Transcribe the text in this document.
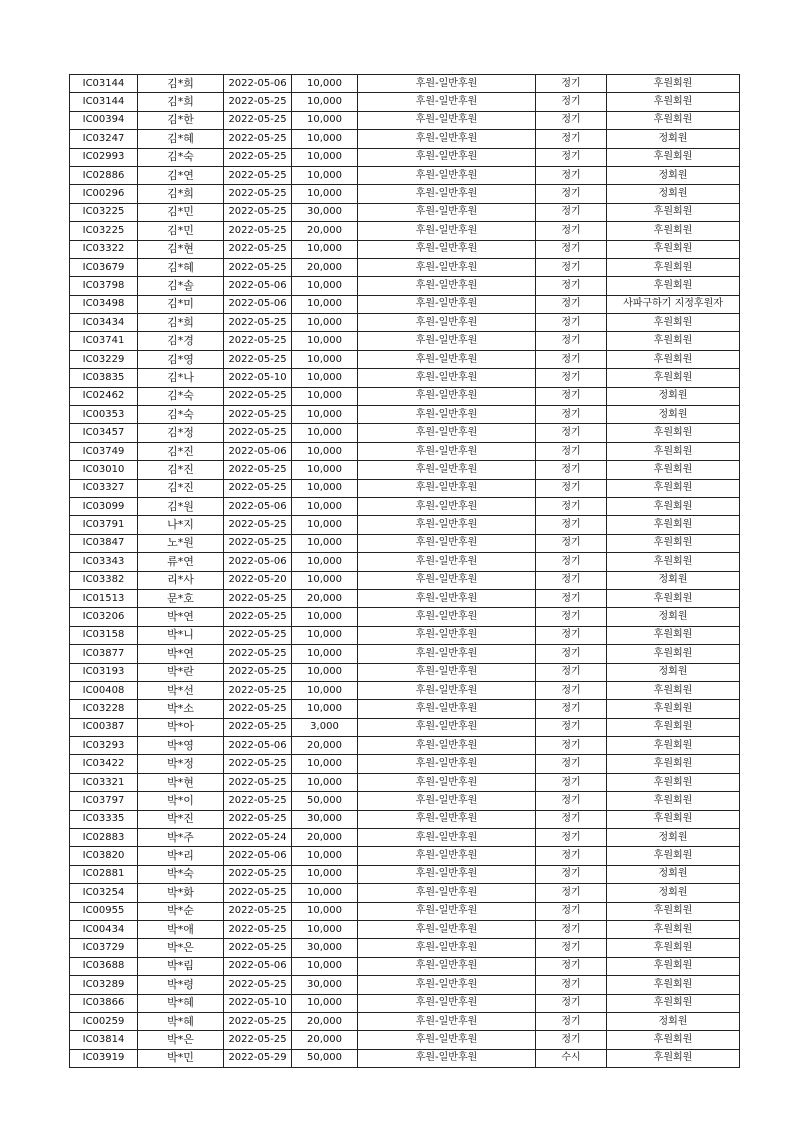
IC03144	김*희	2022-05-06	10,000	후원-일반후원	정기	후원회원
IC03144	김*희	2022-05-25	10,000	후원-일반후원	정기	후원회원
IC00394	김*한	2022-05-25	10,000	후원-일반후원	정기	후원회원
IC03247	김*혜	2022-05-25	10,000	후원-일반후원	정기	정회원
IC02993	김*숙	2022-05-25	10,000	후원-일반후원	정기	후원회원
IC02886	김*연	2022-05-25	10,000	후원-일반후원	정기	정회원
IC00296	김*희	2022-05-25	10,000	후원-일반후원	정기	정회원
IC03225	김*민	2022-05-25	30,000	후원-일반후원	정기	후원회원
IC03225	김*민	2022-05-25	20,000	후원-일반후원	정기	후원회원
IC03322	김*현	2022-05-25	10,000	후원-일반후원	정기	후원회원
IC03679	김*혜	2022-05-25	20,000	후원-일반후원	정기	후원회원
IC03798	김*솔	2022-05-06	10,000	후원-일반후원	정기	후원회원
IC03498	김*미	2022-05-06	10,000	후원-일반후원	정기	사파구하기 지정후원자
IC03434	김*희	2022-05-25	10,000	후원-일반후원	정기	후원회원
IC03741	김*경	2022-05-25	10,000	후원-일반후원	정기	후원회원
IC03229	김*영	2022-05-25	10,000	후원-일반후원	정기	후원회원
IC03835	김*나	2022-05-10	10,000	후원-일반후원	정기	후원회원
IC02462	김*숙	2022-05-25	10,000	후원-일반후원	정기	정회원
IC00353	김*숙	2022-05-25	10,000	후원-일반후원	정기	정회원
IC03457	김*정	2022-05-25	10,000	후원-일반후원	정기	후원회원
IC03749	김*진	2022-05-06	10,000	후원-일반후원	정기	후원회원
IC03010	김*진	2022-05-25	10,000	후원-일반후원	정기	후원회원
IC03327	김*진	2022-05-25	10,000	후원-일반후원	정기	후원회원
IC03099	김*원	2022-05-06	10,000	후원-일반후원	정기	후원회원
IC03791	나*지	2022-05-25	10,000	후원-일반후원	정기	후원회원
IC03847	노*원	2022-05-25	10,000	후원-일반후원	정기	후원회원
IC03343	류*연	2022-05-06	10,000	후원-일반후원	정기	후원회원
IC03382	리*사	2022-05-20	10,000	후원-일반후원	정기	정회원
IC01513	문*호	2022-05-25	20,000	후원-일반후원	정기	후원회원
IC03206	박*연	2022-05-25	10,000	후원-일반후원	정기	정회원
IC03158	박*니	2022-05-25	10,000	후원-일반후원	정기	후원회원
IC03877	박*연	2022-05-25	10,000	후원-일반후원	정기	후원회원
IC03193	박*란	2022-05-25	10,000	후원-일반후원	정기	정회원
IC00408	박*선	2022-05-25	10,000	후원-일반후원	정기	후원회원
IC03228	박*소	2022-05-25	10,000	후원-일반후원	정기	후원회원
IC00387	박*아	2022-05-25	3,000	후원-일반후원	정기	후원회원
IC03293	박*영	2022-05-06	20,000	후원-일반후원	정기	후원회원
IC03422	박*정	2022-05-25	10,000	후원-일반후원	정기	후원회원
IC03321	박*현	2022-05-25	10,000	후원-일반후원	정기	후원회원
IC03797	박*이	2022-05-25	50,000	후원-일반후원	정기	후원회원
IC03335	박*진	2022-05-25	30,000	후원-일반후원	정기	후원회원
IC02883	박*주	2022-05-24	20,000	후원-일반후원	정기	정회원
IC03820	박*리	2022-05-06	10,000	후원-일반후원	정기	후원회원
IC02881	박*숙	2022-05-25	10,000	후원-일반후원	정기	정회원
IC03254	박*화	2022-05-25	10,000	후원-일반후원	정기	정회원
IC00955	박*순	2022-05-25	10,000	후원-일반후원	정기	후원회원
IC00434	박*애	2022-05-25	10,000	후원-일반후원	정기	후원회원
IC03729	박*은	2022-05-25	30,000	후원-일반후원	정기	후원회원
IC03688	박*림	2022-05-06	10,000	후원-일반후원	정기	후원회원
IC03289	박*령	2022-05-25	30,000	후원-일반후원	정기	후원회원
IC03866	박*혜	2022-05-10	10,000	후원-일반후원	정기	후원회원
IC00259	박*혜	2022-05-25	20,000	후원-일반후원	정기	정회원
IC03814	박*은	2022-05-25	20,000	후원-일반후원	정기	후원회원
IC03919	박*민	2022-05-29	50,000	후원-일반후원	수시	후원회원
